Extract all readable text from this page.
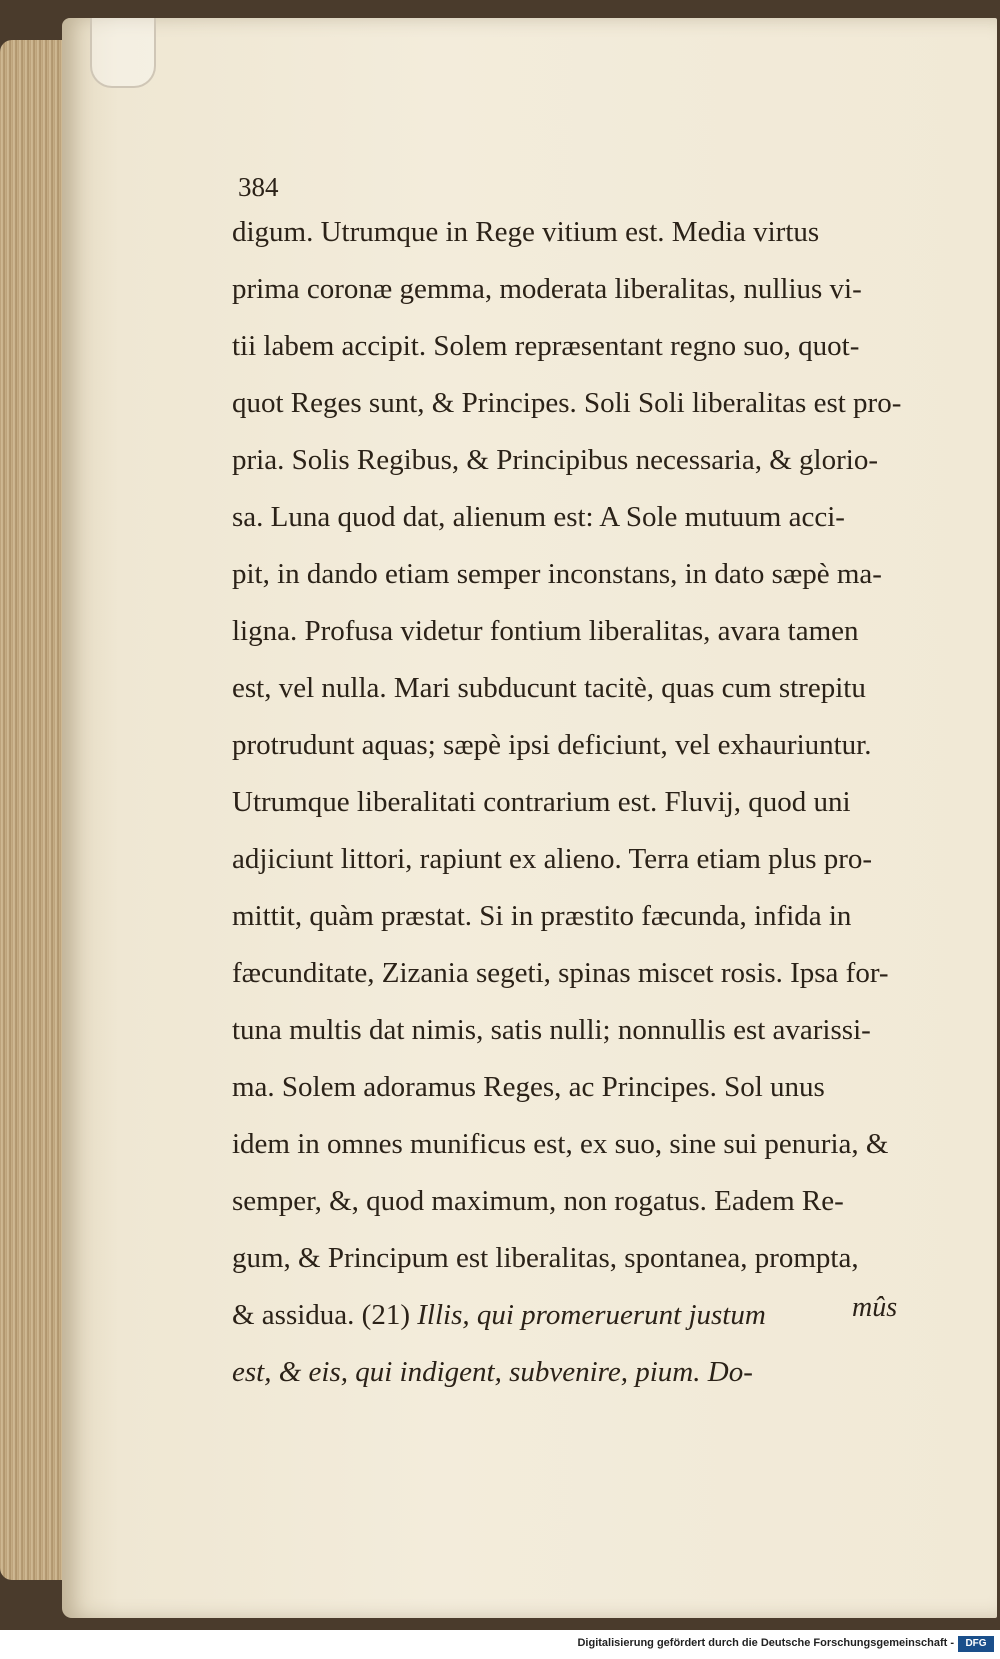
384
digum. Utrumque in Rege vitium est. Media virtus
prima coronæ gemma, moderata liberalitas, nullius vi-
tii labem accipit. Solem repræsentant regno suo, quot-
quot Reges sunt, & Principes. Soli Soli liberalitas est pro-
pria. Solis Regibus, & Principibus necessaria, & glorio-
sa. Luna quod dat, alienum est: A Sole mutuum acci-
pit, in dando etiam semper inconstans, in dato sæpè ma-
ligna. Profusa videtur fontium liberalitas, avara tamen
est, vel nulla. Mari subducunt tacitè, quas cum strepitu
protrudunt aquas; sæpè ipsi deficiunt, vel exhauriuntur.
Utrumque liberalitati contrarium est. Fluvij, quod uni
adjiciunt littori, rapiunt ex alieno. Terra etiam plus pro-
mittit, quàm præstat. Si in præstito fæcunda, infida in
fæcunditate, Zizania segeti, spinas miscet rosis. Ipsa for-
tuna multis dat nimis, satis nulli; nonnullis est avarissi-
ma. Solem adoramus Reges, ac Principes. Sol unus
idem in omnes munificus est, ex suo, sine sui penuria, &
semper, &, quod maximum, non rogatus. Eadem Re-
gum, & Principum est liberalitas, spontanea, prompta,
& assidua. (21) Illis, qui promeruerunt justum
est, & eis, qui indigent, subvenire, pium. Do-
mûs
Digitalisierung gefördert durch die Deutsche Forschungsgemeinschaft -	DFG
